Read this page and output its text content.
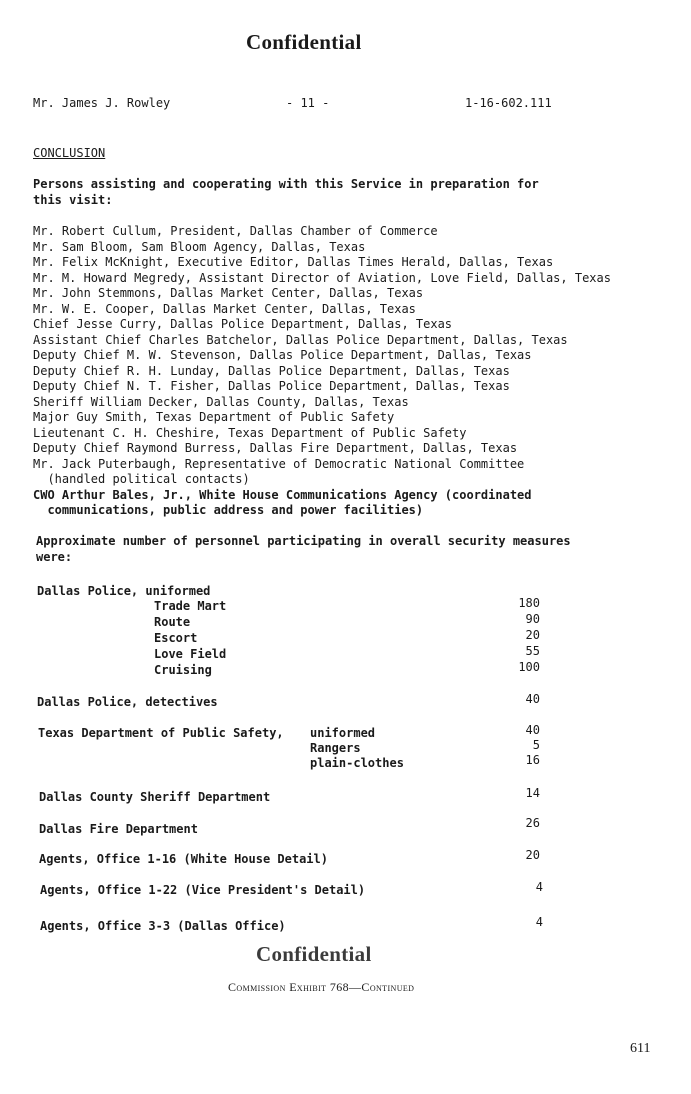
Confidential
Mr. James J. Rowley	- 11 -	1-16-602.111
CONCLUSION
Persons assisting and cooperating with this Service in preparation for
this visit:
Mr. Robert Cullum, President, Dallas Chamber of Commerce
Mr. Sam Bloom, Sam Bloom Agency, Dallas, Texas
Mr. Felix McKnight, Executive Editor, Dallas Times Herald, Dallas, Texas
Mr. M. Howard Megredy, Assistant Director of Aviation, Love Field, Dallas, Texas
Mr. John Stemmons, Dallas Market Center, Dallas, Texas
Mr. W. E. Cooper, Dallas Market Center, Dallas, Texas
Chief Jesse Curry, Dallas Police Department, Dallas, Texas
Assistant Chief Charles Batchelor, Dallas Police Department, Dallas, Texas
Deputy Chief M. W. Stevenson, Dallas Police Department, Dallas, Texas
Deputy Chief R. H. Lunday, Dallas Police Department, Dallas, Texas
Deputy Chief N. T. Fisher, Dallas Police Department, Dallas, Texas
Sheriff William Decker, Dallas County, Dallas, Texas
Major Guy Smith, Texas Department of Public Safety
Lieutenant C. H. Cheshire, Texas Department of Public Safety
Deputy Chief Raymond Burress, Dallas Fire Department, Dallas, Texas
Mr. Jack Puterbaugh, Representative of Democratic National Committee
(handled political contacts)
CWO Arthur Bales, Jr., White House Communications Agency (coordinated
communications, public address and power facilities)
Approximate number of personnel participating in overall security measures
were:
Dallas Police, uniformed
Trade Mart	180
Route	90
Escort	20
Love Field	55
Cruising	100
Dallas Police, detectives	40
Texas Department of Public Safety, uniformed	40
Rangers	5
plain-clothes	16
Dallas County Sheriff Department	14
Dallas Fire Department	26
Agents, Office 1-16 (White House Detail)	20
Agents, Office 1-22 (Vice President's Detail)	4
Agents, Office 3-3 (Dallas Office)	4
Confidential
Commission Exhibit 768—Continued
611
